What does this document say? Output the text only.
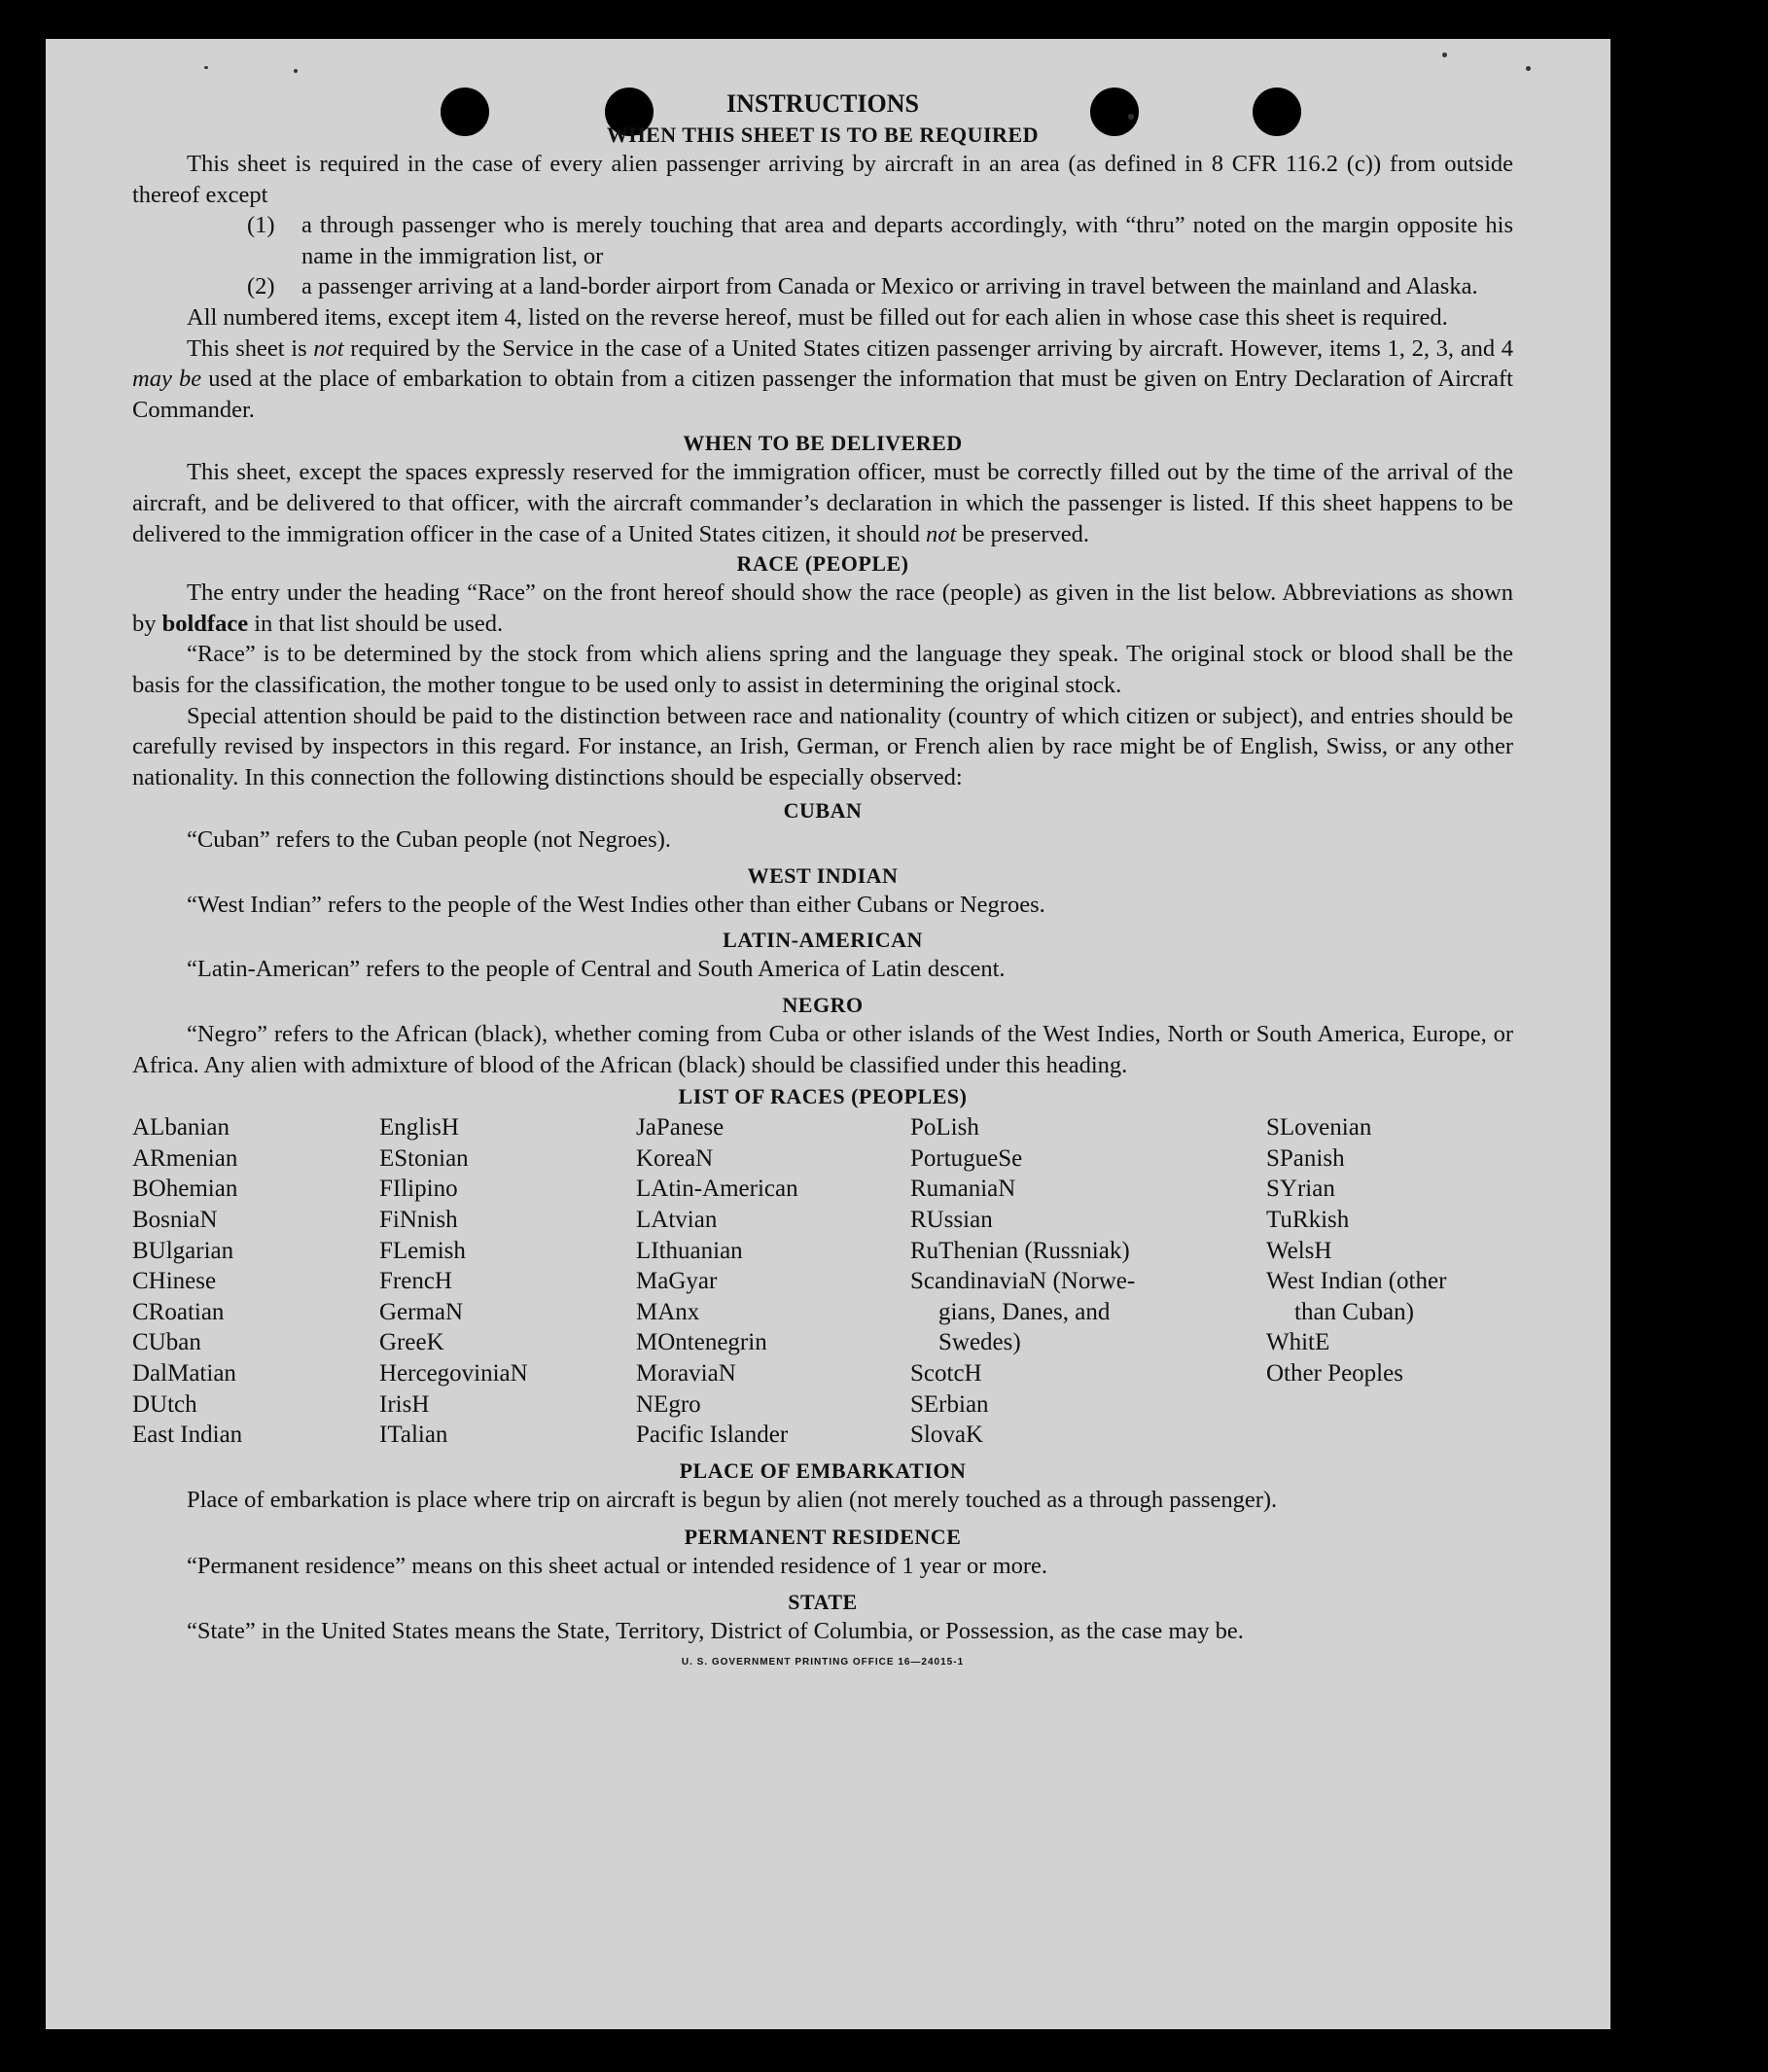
INSTRUCTIONS
WHEN THIS SHEET IS TO BE REQUIRED

This sheet is required in the case of every alien passenger arriving by aircraft in an area (as defined in 8 CFR 116.2 (c)) from outside thereof except

(1)	a through passenger who is merely touching that area and departs accordingly, with “thru” noted on the margin opposite his name in the immigration list, or
(2)	a passenger arriving at a land-border airport from Canada or Mexico or arriving in travel between the mainland and Alaska.

All numbered items, except item 4, listed on the reverse hereof, must be filled out for each alien in whose case this sheet is required.

This sheet is not required by the Service in the case of a United States citizen passenger arriving by aircraft. However, items 1, 2, 3, and 4 may be used at the place of embarkation to obtain from a citizen passenger the information that must be given on Entry Declaration of Aircraft Commander.

WHEN TO BE DELIVERED

This sheet, except the spaces expressly reserved for the immigration officer, must be correctly filled out by the time of the arrival of the aircraft, and be delivered to that officer, with the aircraft commander’s declaration in which the passenger is listed. If this sheet happens to be delivered to the immigration officer in the case of a United States citizen, it should not be preserved.

RACE (PEOPLE)

The entry under the heading “Race” on the front hereof should show the race (people) as given in the list below. Abbreviations as shown by boldface in that list should be used.

“Race” is to be determined by the stock from which aliens spring and the language they speak. The original stock or blood shall be the basis for the classification, the mother tongue to be used only to assist in determining the original stock.

Special attention should be paid to the distinction between race and nationality (country of which citizen or subject), and entries should be carefully revised by inspectors in this regard. For instance, an Irish, German, or French alien by race might be of English, Swiss, or any other nationality. In this connection the following distinctions should be especially observed:

CUBAN

“Cuban” refers to the Cuban people (not Negroes).

WEST INDIAN

“West Indian” refers to the people of the West Indies other than either Cubans or Negroes.

LATIN-AMERICAN

“Latin-American” refers to the people of Central and South America of Latin descent.

NEGRO

“Negro” refers to the African (black), whether coming from Cuba or other islands of the West Indies, North or South America, Europe, or Africa. Any alien with admixture of blood of the African (black) should be classified under this heading.

LIST OF RACES (PEOPLES)
ALbanian
ARmenian
BOhemian
BosniaN
BUlgarian
CHinese
CRoatian
CUban
DalMatian
DUtch
East Indian
EnglisH
EStonian
FIlipino
FiNnish
FLemish
FrencH
GermaN
GreeK
HercegoviniaN
IrisH
ITalian
JaPanese
KoreaN
LAtin-American
LAtvian
LIthuanian
MaGyar
MAnx
MOntenegrin
MoraviaN
NEgro
Pacific Islander
PoLish
PortugueSe
RumaniaN
RUssian
RuThenian (Russniak)
ScandinaviaN (Norwe-
gians, Danes, and
Swedes)
ScotcH
SErbian
SlovaK
SLovenian
SPanish
SYrian
TuRkish
WelsH
West Indian (other
than Cuban)
WhitE
Other Peoples
PLACE OF EMBARKATION

Place of embarkation is place where trip on aircraft is begun by alien (not merely touched as a through passenger).

PERMANENT RESIDENCE

“Permanent residence” means on this sheet actual or intended residence of 1 year or more.

STATE

“State” in the United States means the State, Territory, District of Columbia, or Possession, as the case may be.

U. S. GOVERNMENT PRINTING OFFICE 16—24015-1
